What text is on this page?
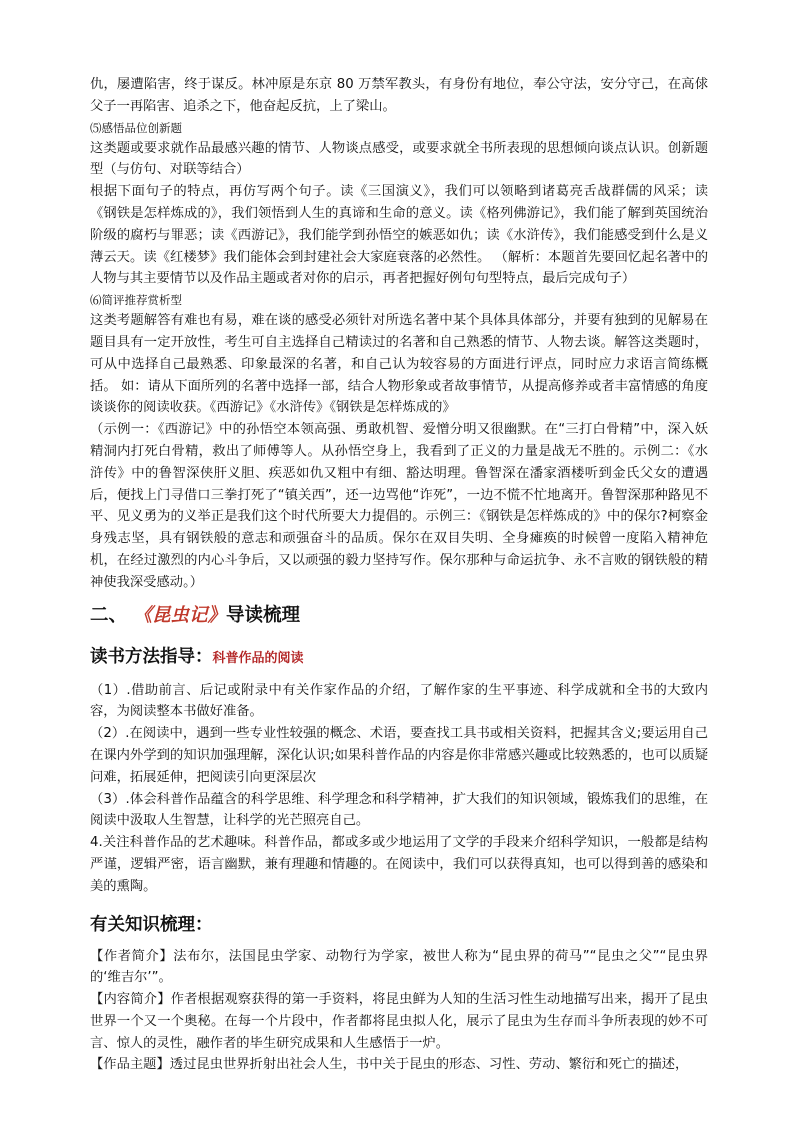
仇，屡遭陷害，终于谋反。林冲原是东京 80 万禁军教头，有身份有地位，奉公守法，安分守己，在高俅父子一再陷害、追杀之下，他奋起反抗，上了梁山。

⑸感悟品位创新题

这类题或要求就作品最感兴趣的情节、人物谈点感受，或要求就全书所表现的思想倾向谈点认识。创新题型（与仿句、对联等结合）

根据下面句子的特点，再仿写两个句子。读《三国演义》，我们可以领略到诸葛亮舌战群儒的风采；读《钢铁是怎样炼成的》，我们领悟到人生的真谛和生命的意义。读《格列佛游记》，我们能了解到英国统治阶级的腐朽与罪恶；读《西游记》，我们能学到孙悟空的嫉恶如仇；读《水浒传》，我们能感受到什么是义薄云天。读《红楼梦》我们能体会到封建社会大家庭衰落的必然性。 （解析：本题首先要回忆起名著中的人物与其主要情节以及作品主题或者对你的启示，再者把握好例句句型特点，最后完成句子）

⑹简评推荐赏析型

这类考题解答有难也有易，难在谈的感受必须针对所选名著中某个具体具体部分，并要有独到的见解易在题目具有一定开放性，考生可自主选择自己精读过的名著和自己熟悉的情节、人物去谈。解答这类题时，可从中选择自己最熟悉、印象最深的名著，和自己认为较容易的方面进行评点，同时应力求语言简练概括。 如：请从下面所列的名著中选择一部，结合人物形象或者故事情节，从提高修养或者丰富情感的角度谈谈你的阅读收获。《西游记》《水浒传》《钢铁是怎样炼成的》

（示例一：《西游记》中的孙悟空本领高强、勇敢机智、爱憎分明又很幽默。在“三打白骨精”中，深入妖精洞内打死白骨精，救出了师傅等人。从孙悟空身上，我看到了正义的力量是战无不胜的。示例二：《水浒传》中的鲁智深侠肝义胆、疾恶如仇又粗中有细、豁达明理。鲁智深在潘家酒楼听到金氏父女的遭遇后，便找上门寻借口三拳打死了“镇关西”，还一边骂他“诈死”，一边不慌不忙地离开。鲁智深那种路见不平、见义勇为的义举正是我们这个时代所要大力提倡的。示例三：《钢铁是怎样炼成的》中的保尔?柯察金身残志坚，具有钢铁般的意志和顽强奋斗的品质。保尔在双目失明、全身瘫痪的时候曾一度陷入精神危机，在经过激烈的内心斗争后，又以顽强的毅力坚持写作。保尔那种与命运抗争、永不言败的钢铁般的精神使我深受感动。）

二、 《昆虫记》导读梳理
读书方法指导：科普作品的阅读

（1）.借助前言、后记或附录中有关作家作品的介绍，了解作家的生平事迹、科学成就和全书的大致内容，为阅读整本书做好准备。

（2）.在阅读中，遇到一些专业性较强的概念、术语，要查找工具书或相关资料，把握其含义;要运用自己在课内外学到的知识加强理解，深化认识;如果科普作品的内容是你非常感兴趣或比较熟悉的，也可以质疑问难，拓展延伸，把阅读引向更深层次

（3）.体会科普作品蕴含的科学思维、科学理念和科学精神，扩大我们的知识领域，锻炼我们的思维，在阅读中汲取人生智慧，让科学的光芒照亮自己。

4.关注科普作品的艺术趣味。科普作品，都或多或少地运用了文学的手段来介绍科学知识，一般都是结构严谨，逻辑严密，语言幽默，兼有理趣和情趣的。在阅读中，我们可以获得真知，也可以得到善的感染和美的熏陶。

有关知识梳理：

【作者简介】法布尔，法国昆虫学家、动物行为学家，被世人称为“昆虫界的荷马”“昆虫之父”“昆虫界的‘维吉尔’”。

【内容简介】作者根据观察获得的第一手资料，将昆虫鲜为人知的生活习性生动地描写出来，揭开了昆虫世界一个又一个奥秘。在每一个片段中，作者都将昆虫拟人化，展示了昆虫为生存而斗争所表现的妙不可言、惊人的灵性，融作者的毕生研究成果和人生感悟于一炉。

【作品主题】透过昆虫世界折射出社会人生，书中关于昆虫的形态、习性、劳动、繁衍和死亡的描述，
